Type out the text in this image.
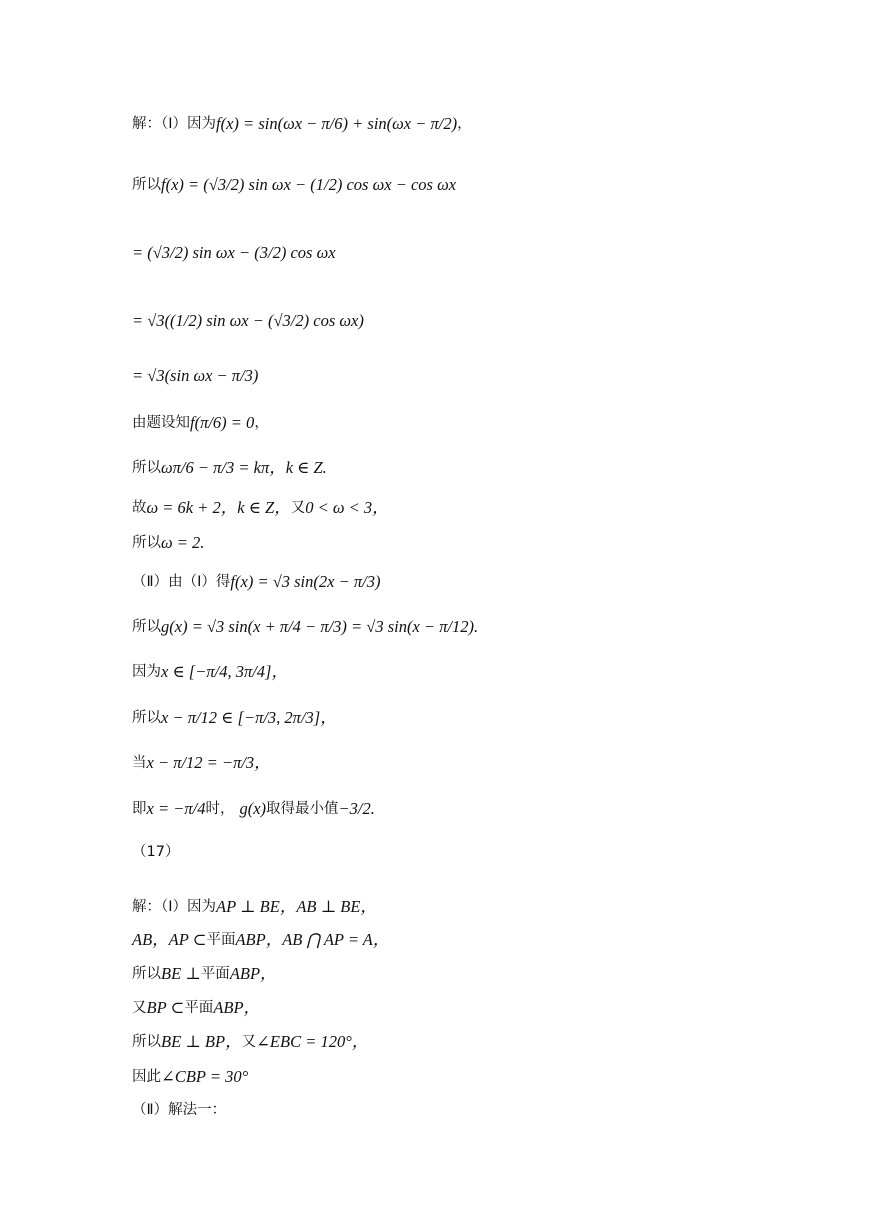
解：（Ⅰ）因为 f(x) = sin(ωx − π/6) + sin(ωx − π/2) ，
所以 f(x) = (√3/2) sin ωx − (1/2) cos ωx − cos ωx
= (√3/2) sin ωx − (3/2) cos ωx
= √3((1/2) sin ωx − (√3/2) cos ωx)
= √3(sin ωx − π/3)
由题设知 f(π/6) = 0 ，
所以 ωπ/6 − π/3 = kπ，k ∈ Z.
故 ω = 6k + 2，k ∈ Z， 又 0 < ω < 3，
所以 ω = 2.
（Ⅱ）由（Ⅰ）得 f(x) = √3 sin(2x − π/3)
所以 g(x) = √3 sin(x + π/4 − π/3) = √3 sin(x − π/12).
因为 x ∈ [−π/4, 3π/4]，
所以 x − π/12 ∈ [−π/3, 2π/3]，
当 x − π/12 = −π/3，
即 x = −π/4 时， g(x) 取得最小值 −3/2.
（17）
解：（Ⅰ）因为 AP ⊥ BE，AB ⊥ BE，
AB，AP ⊂ 平面 ABP，AB ⋂ AP = A，
所以 BE ⊥ 平面 ABP，
又 BP ⊂ 平面 ABP，
所以 BE ⊥ BP， 又 ∠EBC = 120°，
因此 ∠CBP = 30°
（Ⅱ）解法一：
